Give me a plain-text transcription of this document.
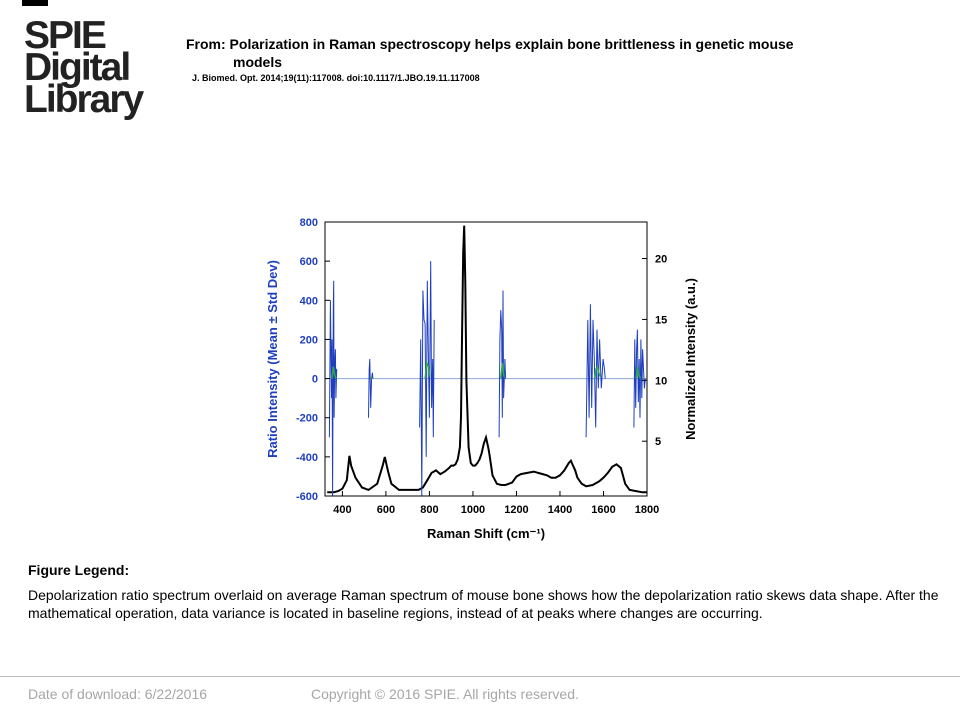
SPIE
Digital
Library
From: Polarization in Raman spectroscopy helps explain bone brittleness in genetic mouse
models
J. Biomed. Opt. 2014;19(11):117008. doi:10.1117/1.JBO.19.11.117008
400 600 800 1000 1200 1400 1600 1800
-600
-400
-200
0
200
400
600
800
5
10
15
20
Raman Shift (cm⁻¹)
Ratio Intensity (Mean ± Std Dev)	Normalized Intensity (a.u.)
Figure Legend:
Depolarization ratio spectrum overlaid on average Raman spectrum of mouse bone shows how the depolarization ratio skews data shape. After the mathematical operation, data variance is located in baseline regions, instead of at peaks where changes are occurring.
Date of download: 6/22/2016	Copyright © 2016 SPIE. All rights reserved.
